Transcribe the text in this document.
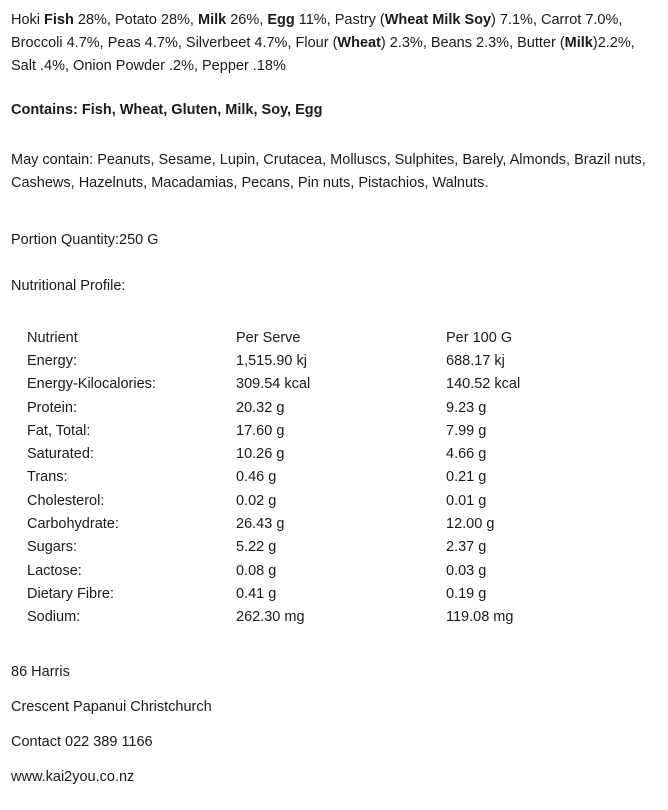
Hoki Fish 28%, Potato 28%, Milk 26%, Egg 11%, Pastry (Wheat Milk Soy) 7.1%, Carrot 7.0%, Broccoli 4.7%, Peas 4.7%, Silverbeet 4.7%, Flour (Wheat) 2.3%, Beans 2.3%, Butter (Milk)2.2%, Salt .4%, Onion Powder .2%, Pepper .18%

Contains: Fish, Wheat, Gluten, Milk, Soy, Egg

May contain: Peanuts, Sesame, Lupin, Crutacea, Molluscs, Sulphites, Barely, Almonds, Brazil nuts, Cashews, Hazelnuts, Macadamias, Pecans, Pin nuts, Pistachios, Walnuts.

Portion Quantity:250 G

Nutritional Profile:

Nutrient	Per Serve	Per 100 G
Energy:	1,515.90 kj	688.17 kj
Energy-Kilocalories:	309.54 kcal	140.52 kcal
Protein:	20.32 g	9.23 g
Fat, Total:	17.60 g	7.99 g
Saturated:	10.26 g	4.66 g
Trans:	0.46 g	0.21 g
Cholesterol:	0.02 g	0.01 g
Carbohydrate:	26.43 g	12.00 g
Sugars:	5.22 g	2.37 g
Lactose:	0.08 g	0.03 g
Dietary Fibre:	0.41 g	0.19 g
Sodium:	262.30 mg	119.08 mg

86 Harris

Crescent Papanui Christchurch

Contact 022 389 1166

www.kai2you.co.nz
